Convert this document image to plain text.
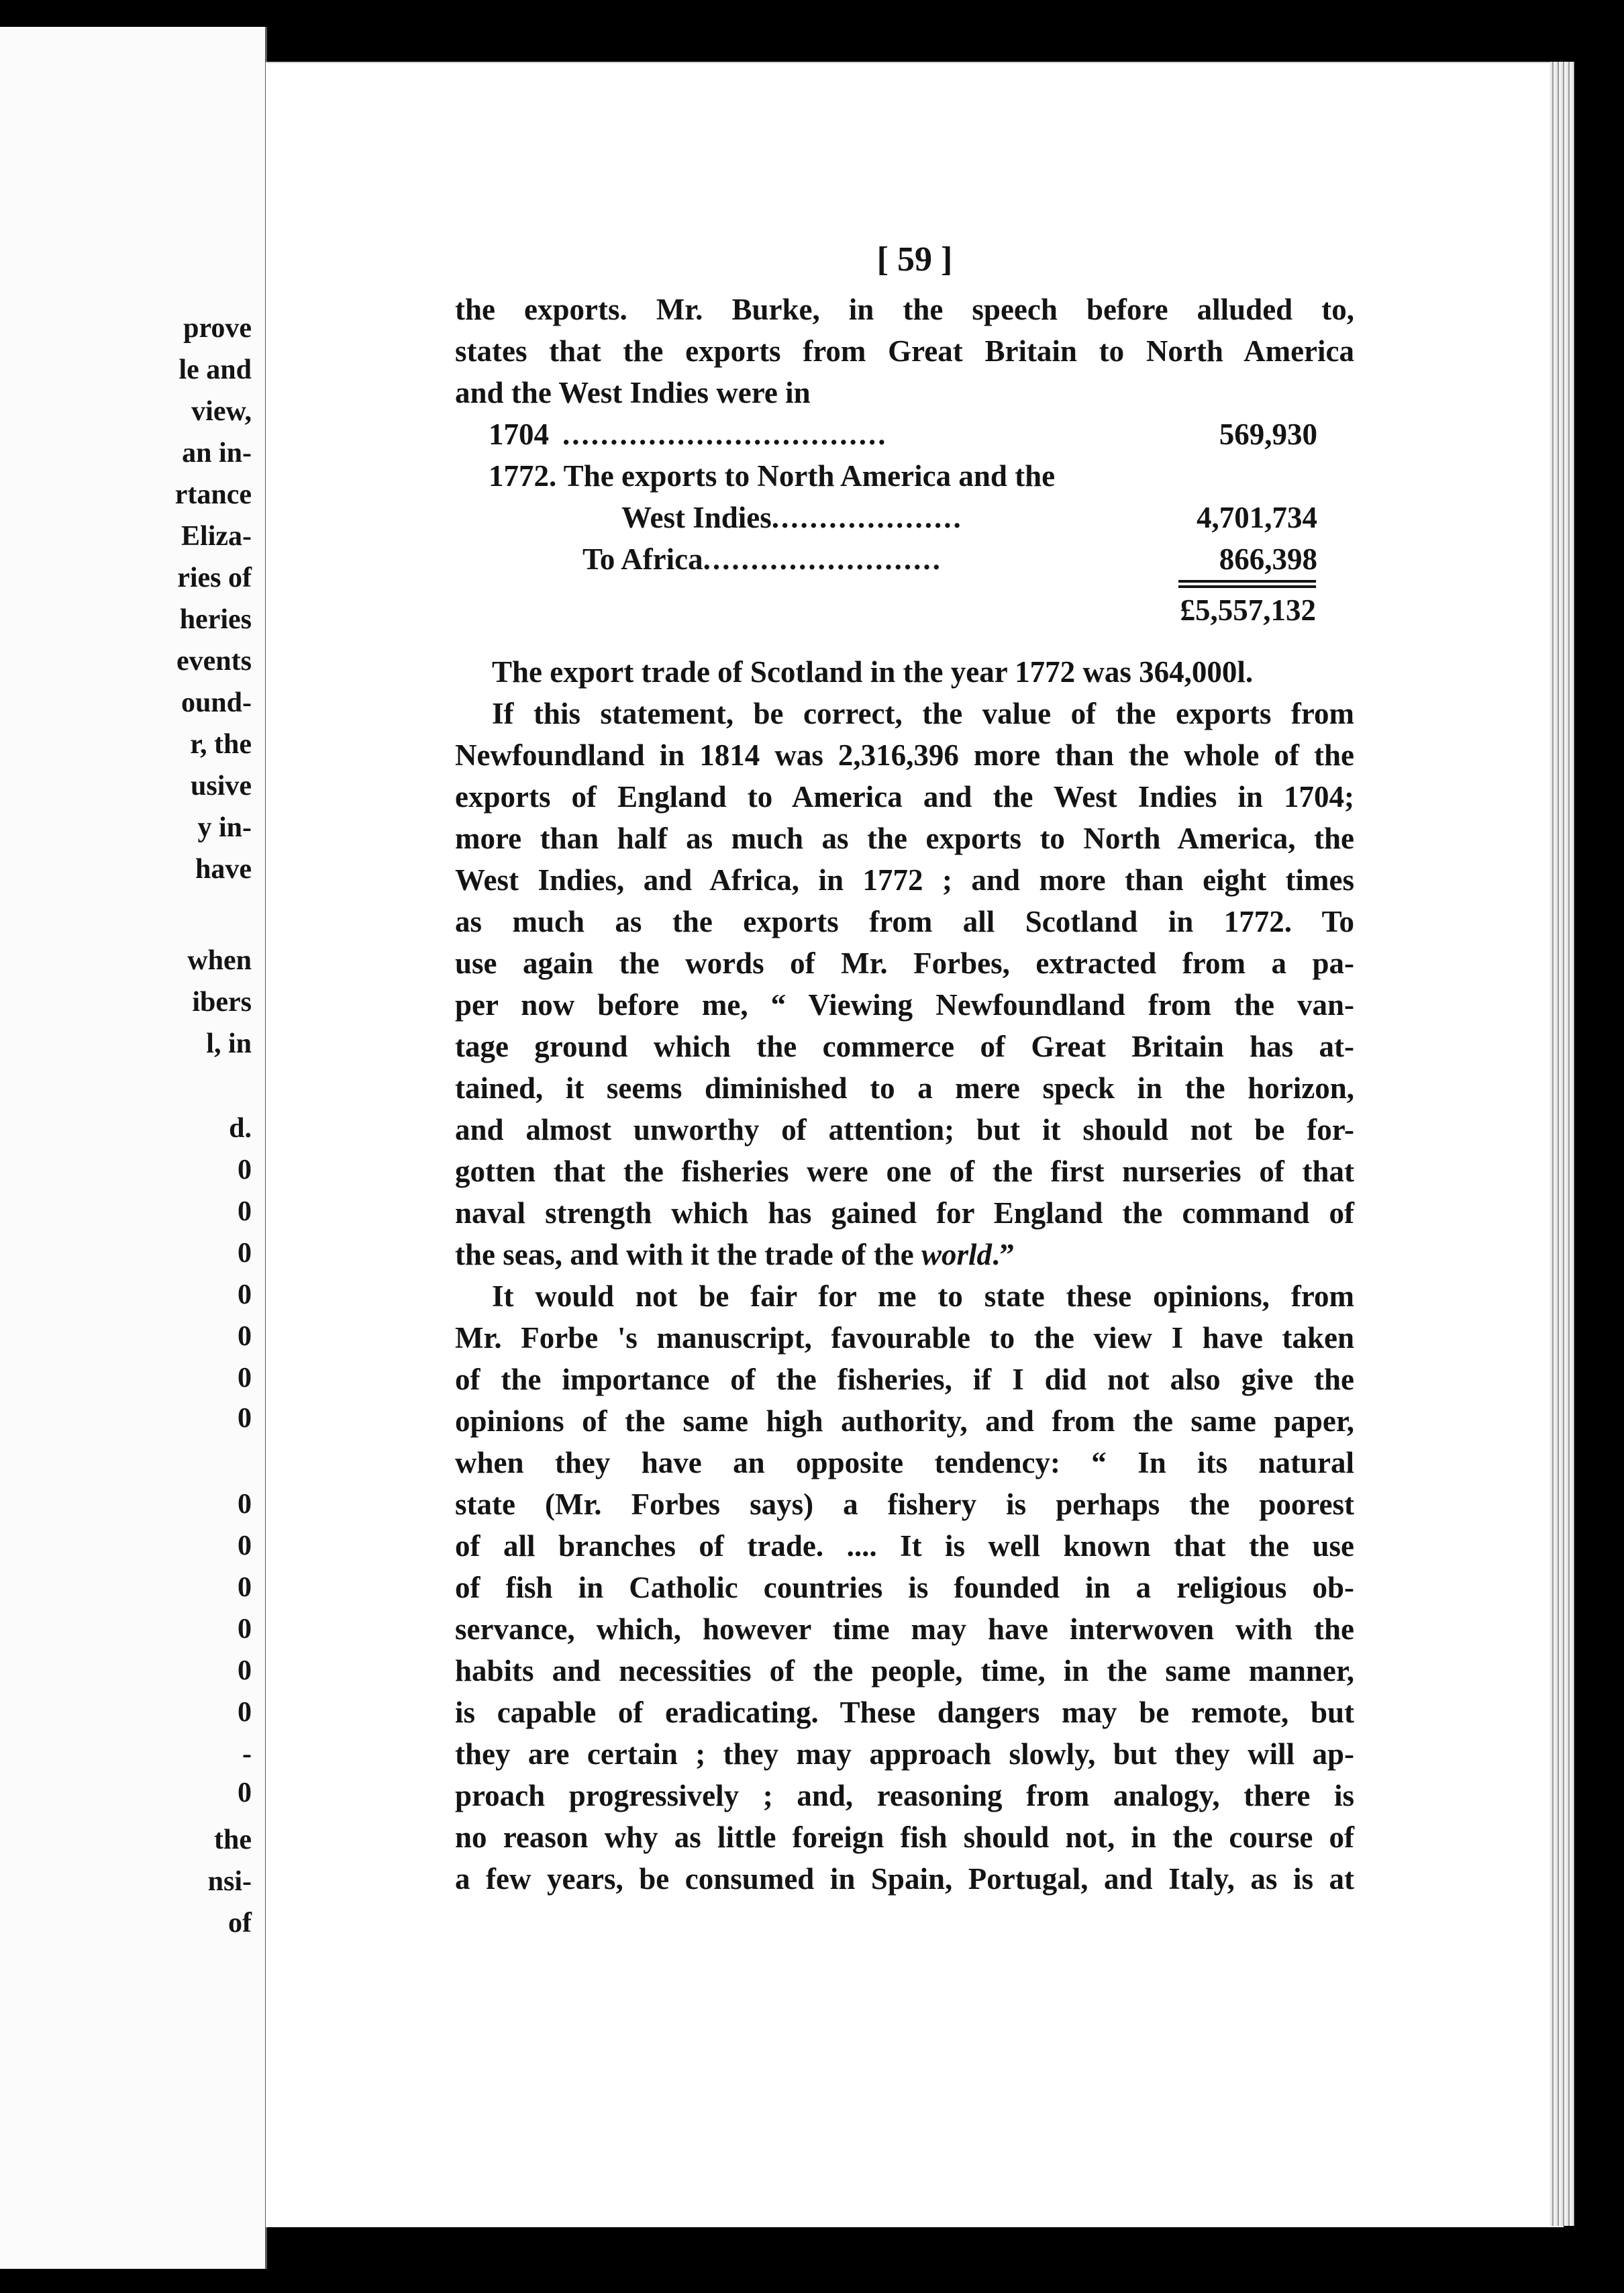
prove
le and
view,
an in-
rtance
Eliza-
ries of
heries
events
ound-
r, the
usive
y in-
have
when
ibers
l, in
d.
0
0
0
0
0
0
0
0
0
0
0
0
0
-
0
the
nsi-
of
[ 59 ]
the exports. Mr. Burke, in the speech before alluded to,
states that the exports from Great Britain to North America
and the West Indies were in
1704 ..................................	569,930
1772. The exports to North America and the
West Indies ....................	4,701,734
To Africa .........................	866,398
£5,557,132
The export trade of Scotland in the year 1772 was 364,000l.
If this statement, be correct, the value of the exports from
Newfoundland in 1814 was 2,316,396 more than the whole of the
exports of England to America and the West Indies in 1704;
more than half as much as the exports to North America, the
West Indies, and Africa, in 1772 ; and more than eight times
as much as the exports from all Scotland in 1772. To
use again the words of Mr. Forbes, extracted from a pa-
per now before me, “ Viewing Newfoundland from the van-
tage ground which the commerce of Great Britain has at-
tained, it seems diminished to a mere speck in the horizon,
and almost unworthy of attention; but it should not be for-
gotten that the fisheries were one of the first nurseries of that
naval strength which has gained for England the command of
the seas, and with it the trade of the world.”
It would not be fair for me to state these opinions, from
Mr. Forbe 's manuscript, favourable to the view I have taken
of the importance of the fisheries, if I did not also give the
opinions of the same high authority, and from the same paper,
when they have an opposite tendency: “ In its natural
state (Mr. Forbes says) a fishery is perhaps the poorest
of all branches of trade. .... It is well known that the use
of fish in Catholic countries is founded in a religious ob-
servance, which, however time may have interwoven with the
habits and necessities of the people, time, in the same manner,
is capable of eradicating. These dangers may be remote, but
they are certain ; they may approach slowly, but they will ap-
proach progressively ; and, reasoning from analogy, there is
no reason why as little foreign fish should not, in the course of
a few years, be consumed in Spain, Portugal, and Italy, as is at
